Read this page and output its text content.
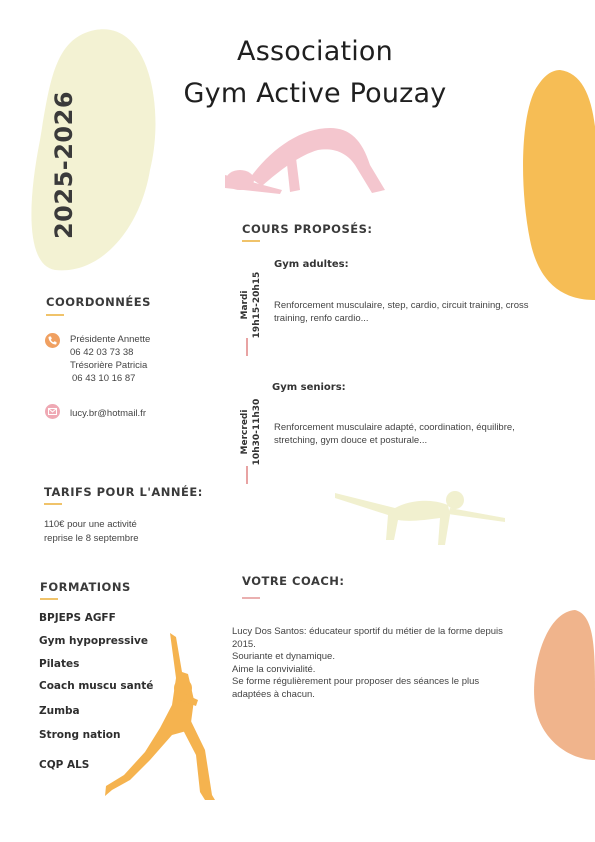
Association
Gym Active Pouzay
2025-2026
COORDONNÉES
Présidente Annette
06 42 03 73 38
Trésorière Patricia
06 43 10 16 87
lucy.br@hotmail.fr
TARIFS POUR L'ANNÉE:
110€ pour une activité
reprise le 8 septembre
COURS PROPOSÉS:
Gym adultes:
Mardi 19h15-20h15 Renforcement musculaire, step, cardio, circuit training, cross
training, renfo cardio...
Gym seniors:
Mercredi 10h30-11h30 Renforcement musculaire adapté, coordination, équilibre,
stretching, gym douce et posturale...
FORMATIONS
BPJEPS AGFF
Gym hypopressive
Pilates
Coach muscu santé
Zumba
Strong nation
CQP ALS
VOTRE COACH:
Lucy Dos Santos: éducateur sportif du métier de la forme depuis
2015.
Souriante et dynamique.
Aime la convivialité.
Se forme régulièrement pour proposer des séances le plus
adaptées à chacun.
